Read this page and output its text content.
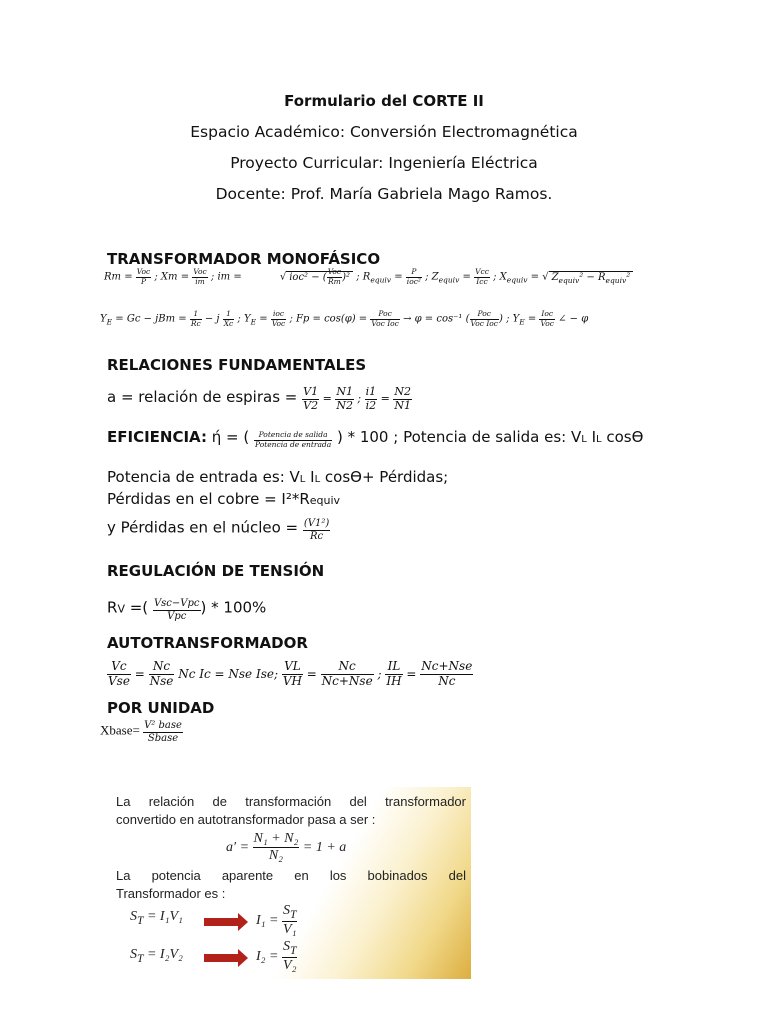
Formulario del CORTE II
Espacio Académico: Conversión Electromagnética
Proyecto Curricular: Ingeniería Eléctrica
Docente: Prof. María Gabriela Mago Ramos.
TRANSFORMADOR MONOFÁSICO
Rm =
Voc
P ; Xm =
Voc
im ; im =            √ ioc² − (
Voc
Rm )² ; $R_{equiv}$ =
P
ioc² ; $Z_{equiv}$ =
Vcc
Icc ; $X_{equiv}$ = √ $Z_{equiv}^2 - R_{equiv}^2$
$Y_E = Gc$ − jBm = $\frac{1}{Rc} - j \frac{1}{Xc}$ ; $Y_E$ =
ioc
Voc ; Fp = cos(φ) =
Poc
Voc Ioc → φ = cos⁻¹ (
Poc
Voc Ioc ) ; $Y_E$ =
Ioc
Voc ∠ − φ
RELACIONES FUNDAMENTALES
a = relación de espiras = $\frac{V1}{V2} = \frac{N1}{N2}$ ; $\frac{i1}{i2} = \frac{N2}{N1}$
EFICIENCIA: ή = ( Potencia de salida
Potencia de entrada ) * 100 ; Potencia de salida es: VL IL cosϴ
Potencia de entrada es: VL IL cosϴ+ Pérdidas;
Pérdidas en el cobre = I²*Requiv
y Pérdidas en el núcleo = $\frac{\text{(V1²)}}{Rc}$
REGULACIÓN DE TENSIÓN
RV =( Vsc−Vpc
Vpc ) * 100%
AUTOTRANSFORMADOR
Vc
Vse =
Nc
Nse Nc Ic = Nse Ise; $\frac{VL}{VH}$ =
Nc
Nc+Nse ; $\frac{IL}{IH}$ =
Nc+Nse
Nc
POR UNIDAD
Xbase= V² base
Sbase
La relación de transformación del transformador
convertido en autotransformador pasa a ser :
$a' = \frac{\text{N₁ + N₂}}{\text{N₂}} = 1 + a$
La potencia aparente en los bobinados del
Transformador es :
$S_T = I_1V_1$	$I_1 = \frac{S_T}{\text{V₁}}$
$S_T = I_2V_2$	$I_2 = \frac{S_T}{\text{V₂}}$
